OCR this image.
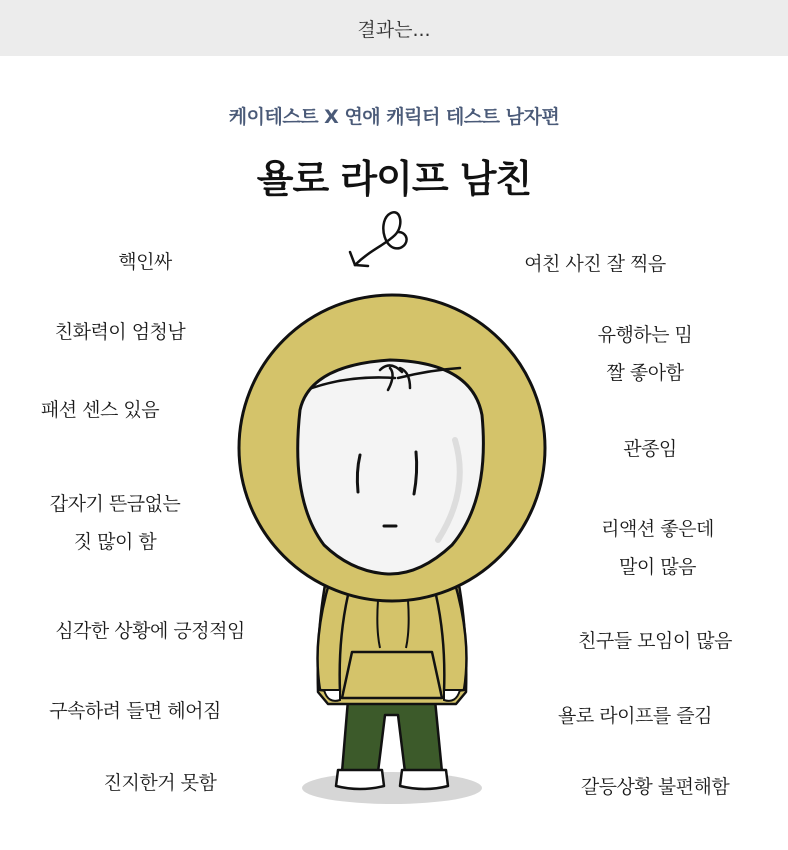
결과는...
케이테스트 X 연애 캐릭터 테스트 남자편
욜로 라이프 남친
핵인싸
친화력이 엄청남
패션 센스 있음
갑자기 뜬금없는
짓 많이 함
심각한 상황에 긍정적임
구속하려 들면 헤어짐
진지한거 못함
여친 사진 잘 찍음
유행하는 밈
짤 좋아함
관종임
리액션 좋은데
말이 많음
친구들 모임이 많음
욜로 라이프를 즐김
갈등상황 불편해함
